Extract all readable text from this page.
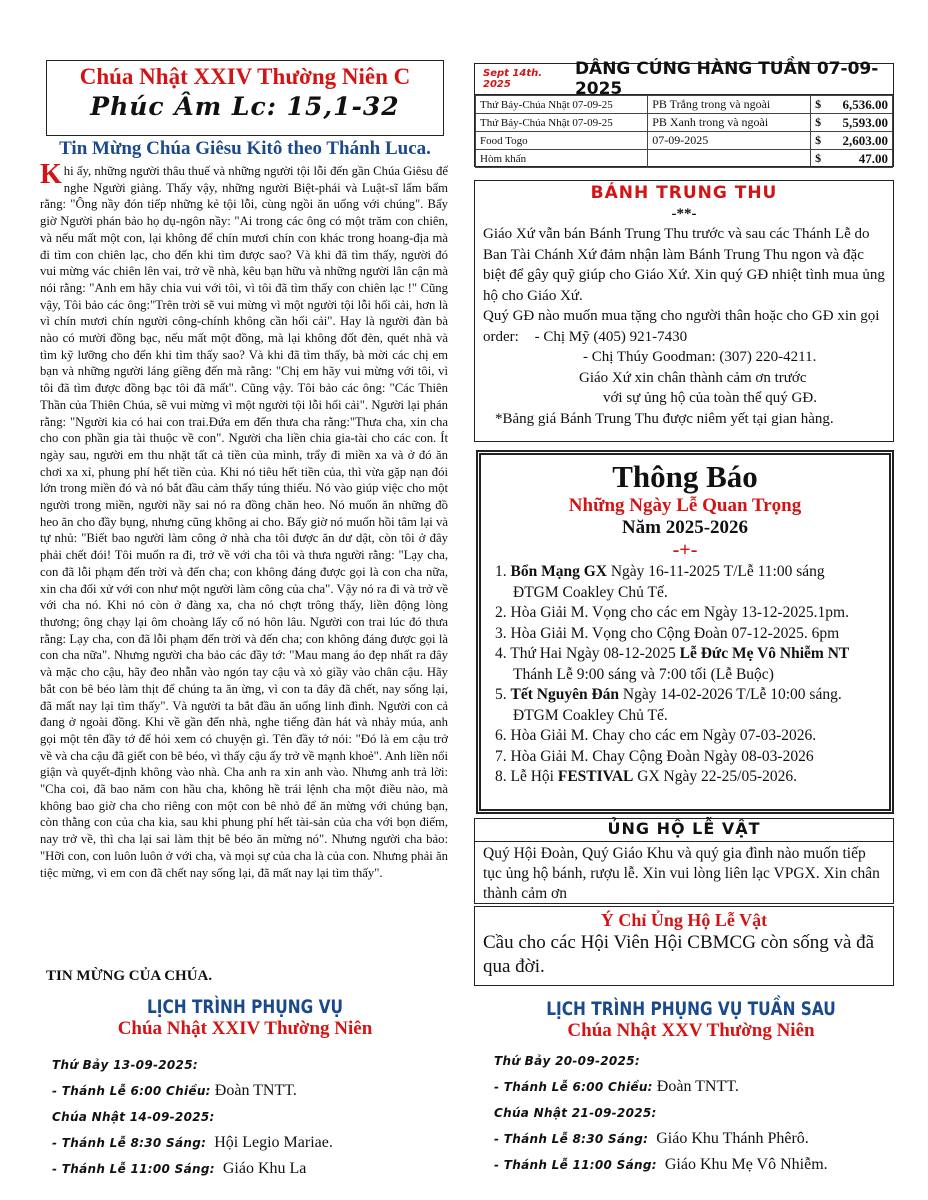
Chúa Nhật XXIV Thường Niên C
Phúc Âm Lc: 15,1-32
Tin Mừng Chúa Giêsu Kitô theo Thánh Luca.
Khi ấy, những người thâu thuế và những người tội lỗi đến gần Chúa Giêsu để nghe Người giảng. Thấy vậy, những người Biệt-phái và Luật-sĩ lẩm bẩm rằng: "Ông nầy đón tiếp những kẻ tội lỗi, cùng ngồi ăn uống với chúng". Bấy giờ Người phán bảo họ dụ-ngôn nầy: "Ai trong các ông có một trăm con chiên, và nếu mất một con, lại không để chín mươi chín con khác trong hoang-địa mà đi tìm con chiên lạc, cho đến khi tìm được sao? Và khi đã tìm thấy, người đó vui mừng vác chiên lên vai, trở về nhà, kêu bạn hữu và những người lân cận mà nói rằng: "Anh em hãy chia vui với tôi, vì tôi đã tìm thấy con chiên lạc !" Cũng vậy, Tôi bảo các ông:"Trên trời sẽ vui mừng vì một người tội lỗi hối cải, hơn là vì chín mươi chín người công-chính không cần hối cải". Hay là người đàn bà nào có mười đồng bạc, nếu mất một đồng, mà lại không đốt đèn, quét nhà và tìm kỹ lưỡng cho đến khi tìm thấy sao? Và khi đã tìm thấy, bà mời các chị em bạn và những người láng giềng đến mà rằng: "Chị em hãy vui mừng với tôi, vì tôi đã tìm được đồng bạc tôi đã mất". Cũng vậy. Tôi bảo các ông: "Các Thiên Thần của Thiên Chúa, sẽ vui mừng vì một người tội lỗi hối cải". Người lại phán rằng: "Người kia có hai con trai.Đứa em đến thưa cha rằng:"Thưa cha, xin cha cho con phần gia tài thuộc về con". Người cha liền chia gia-tài cho các con. Ít ngày sau, người em thu nhặt tất cả tiền của mình, trẩy đi miền xa và ở đó ăn chơi xa xỉ, phung phí hết tiền của. Khi nó tiêu hết tiền của, thì vừa gặp nạn đói lớn trong miền đó và nó bắt đầu cảm thấy túng thiếu. Nó vào giúp việc cho một người trong miền, người nầy sai nó ra đồng chăn heo. Nó muốn ăn những đồ heo ăn cho đầy bụng, nhưng cũng không ai cho. Bấy giờ nó muốn hồi tâm lại và tự nhủ: "Biết bao người làm công ở nhà cha tôi được ăn dư dật, còn tôi ở đây phải chết đói! Tôi muốn ra đi, trở về với cha tôi và thưa người rằng: "Lạy cha, con đã lỗi phạm đến trời và đến cha; con không đáng được gọi là con cha nữa, xin cha đối xử với con như một người làm công của cha". Vậy nó ra đi và trở về với cha nó. Khi nó còn ở đàng xa, cha nó chợt trông thấy, liền động lòng thương; ông chạy lại ôm choàng lấy cổ nó hôn lâu. Người con trai lúc đó thưa rằng: Lạy cha, con đã lỗi phạm đến trời và đến cha; con không đáng được gọi là con cha nữa". Nhưng người cha bảo các đầy tớ: "Mau mang áo đẹp nhất ra đây và mặc cho cậu, hãy đeo nhẫn vào ngón tay cậu và xỏ giầy vào chân cậu. Hãy bắt con bê béo làm thịt để chúng ta ăn ừng, vì con ta đây đã chết, nay sống lại, đã mất nay lại tìm thấy". Và người ta bắt đầu ăn uống linh đình. Người con cả đang ở ngoài đồng. Khi về gần đến nhà, nghe tiếng đàn hát và nhảy múa, anh gọi một tên đầy tớ để hỏi xem có chuyện gì. Tên đầy tớ nói: "Đó là em cậu trở về và cha cậu đã giết con bê béo, vì thấy cậu ấy trở về mạnh khoẻ". Anh liền nổi giận và quyết-định không vào nhà. Cha anh ra xin anh vào. Nhưng anh trả lời: "Cha coi, đã bao năm con hầu cha, không hề trái lệnh cha một điều nào, mà không bao giờ cha cho riêng con một con bê nhỏ để ăn mừng với chúng bạn, còn thằng con của cha kia, sau khi phung phí hết tài-sản của cha với bọn điếm, nay trở về, thì cha lại sai làm thịt bê béo ăn mừng nó". Nhưng người cha bảo: "Hỡi con, con luôn luôn ở với cha, và mọi sự của cha là của con. Nhưng phải ăn tiệc mừng, vì em con đã chết nay sống lại, đã mất nay lại tìm thấy".
TIN MỪNG CỦA CHÚA.
LỊCH TRÌNH PHỤNG VỤ
Chúa Nhật XXIV Thường Niên
Thứ Bảy 13-09-2025:
- Thánh Lễ 6:00 Chiều: Đoàn TNTT.
Chúa Nhật 14-09-2025:
- Thánh Lễ 8:30 Sáng: Hội Legio Mariae.
- Thánh Lễ 11:00 Sáng: Giáo Khu La
Sept 14th. 2025
DÂNG CÚNG HÀNG TUẦN 07-09-2025
Thứ Bảy-Chúa Nhật 07-09-25	PB Trắng trong và ngoài	$	6,536.00
Thứ Bảy-Chúa Nhật 07-09-25	PB Xanh trong và ngoài	$	5,593.00
Food Togo	07-09-2025	$	2,603.00
Hòm khấn		$	47.00
BÁNH TRUNG THU
-**-
Giáo Xứ vẫn bán Bánh Trung Thu trước và sau các Thánh Lễ do Ban Tài Chánh Xứ đảm nhận làm Bánh Trung Thu ngon và đặc biệt để gây quỹ giúp cho Giáo Xứ. Xin quý GĐ nhiệt tình mua ủng hộ cho Giáo Xứ.
Quý GĐ nào muốn mua tặng cho người thân hoặc cho GĐ xin gọi order: - Chị Mỹ (405) 921-7430
- Chị Thúy Goodman: (307) 220-4211.
Giáo Xứ xin chân thành cảm ơn trước
với sự ủng hộ của toàn thể quý GĐ.
*Bảng giá Bánh Trung Thu được niêm yết tại gian hàng.
Thông Báo
Những Ngày Lễ Quan Trọng
Năm 2025-2026
-+-
1. Bổn Mạng GX Ngày 16-11-2025 T/Lễ 11:00 sáng
ĐTGM Coakley Chủ Tế.
2. Hòa Giải M. Vọng cho các em Ngày 13-12-2025.1pm.
3. Hòa Giải M. Vọng cho Cộng Đoàn 07-12-2025. 6pm
4. Thứ Hai Ngày 08-12-2025 Lễ Đức Mẹ Vô Nhiễm NT
Thánh Lễ 9:00 sáng và 7:00 tối (Lễ Buộc)
5. Tết Nguyên Đán Ngày 14-02-2026 T/Lễ 10:00 sáng.
ĐTGM Coakley Chủ Tế.
6. Hòa Giải M. Chay cho các em Ngày 07-03-2026.
7. Hòa Giải M. Chay Cộng Đoàn Ngày 08-03-2026
8. Lễ Hội FESTIVAL GX Ngày 22-25/05-2026.
ỦNG HỘ LỄ VẬT
Quý Hội Đoàn, Quý Giáo Khu và quý gia đình nào muốn tiếp tục ủng hộ bánh, rượu lễ. Xin vui lòng liên lạc VPGX. Xin chân thành cảm ơn
Ý Chỉ Ủng Hộ Lễ Vật
Cầu cho các Hội Viên Hội CBMCG còn sống và đã qua đời.
LỊCH TRÌNH PHỤNG VỤ TUẦN SAU
Chúa Nhật XXV Thường Niên
Thứ Bảy 20-09-2025:
- Thánh Lễ 6:00 Chiều: Đoàn TNTT.
Chúa Nhật 21-09-2025:
- Thánh Lễ 8:30 Sáng: Giáo Khu Thánh Phêrô.
- Thánh Lễ 11:00 Sáng: Giáo Khu Mẹ Vô Nhiễm.
